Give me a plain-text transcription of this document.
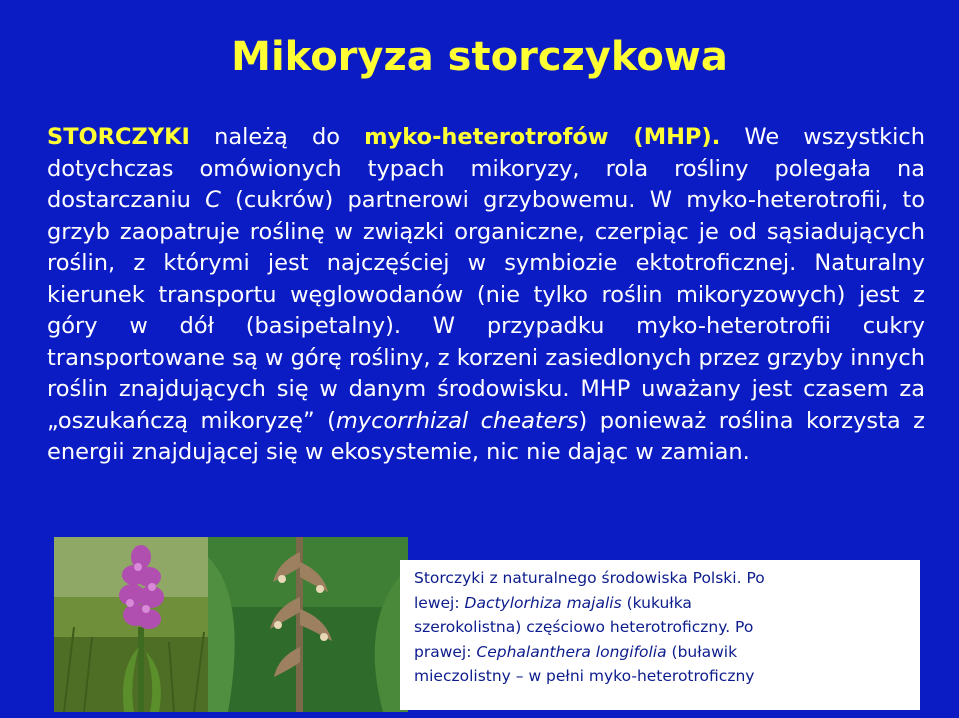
Mikoryza storczykowa

STORCZYKI należą do myko-heterotrofów (MHP). We wszystkich dotychczas omówionych typach mikoryzy, rola rośliny polegała na dostarczaniu C (cukrów) partnerowi grzybowemu. W myko-heterotrofii, to grzyb zaopatruje roślinę w związki organiczne, czerpiąc je od sąsiadujących roślin, z którymi jest najczęściej w symbiozie ektotroficznej. Naturalny kierunek transportu węglowodanów (nie tylko roślin mikoryzowych) jest z góry w dół (basipetalny). W przypadku myko-heterotrofii cukry transportowane są w górę rośliny, z korzeni zasiedlonych przez grzyby innych roślin znajdujących się w danym środowisku. MHP uważany jest czasem za „oszukańczą mikoryzę” (mycorrhizal cheaters) ponieważ roślina korzysta z energii znajdującej się w ekosystemie, nic nie dając w zamian.

Storczyki z naturalnego środowiska Polski. Po lewej: Dactylorhiza majalis (kukułka szerokolistna) częściowo heterotroficzny. Po prawej: Cephalanthera longifolia (buławik mieczolistny – w pełni myko-heterotroficzny
